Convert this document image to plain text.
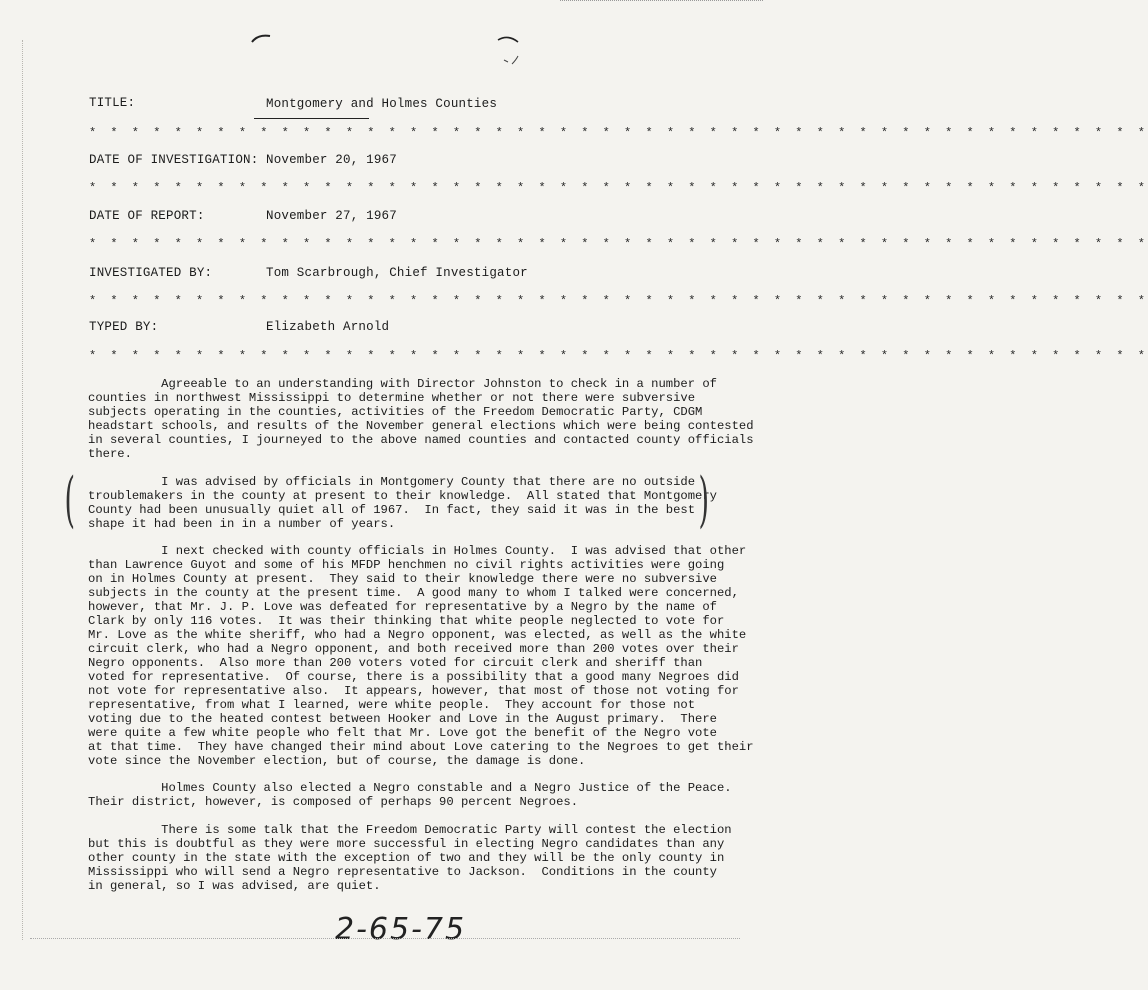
TITLE:	Montgomery and Holmes Counties
* * * * * * * * * * * * * * * * * * * * * * * * * * * * * * * * * * * * * * * * * * * * * * * * * *
DATE OF INVESTIGATION: November 20, 1967
* * * * * * * * * * * * * * * * * * * * * * * * * * * * * * * * * * * * * * * * * * * * * * * * * *
DATE OF REPORT:	November 27, 1967
* * * * * * * * * * * * * * * * * * * * * * * * * * * * * * * * * * * * * * * * * * * * * * * * * *
INVESTIGATED BY:	Tom Scarbrough, Chief Investigator
* * * * * * * * * * * * * * * * * * * * * * * * * * * * * * * * * * * * * * * * * * * * * * * * * *
TYPED BY:	Elizabeth Arnold
* * * * * * * * * * * * * * * * * * * * * * * * * * * * * * * * * * * * * * * * * * * * * * * * * *
Agreeable to an understanding with Director Johnston to check in a number of
counties in northwest Mississippi to determine whether or not there were subversive
subjects operating in the counties, activities of the Freedom Democratic Party, CDGM
headstart schools, and results of the November general elections which were being contested
in several counties, I journeyed to the above named counties and contacted county officials
there.
(	I was advised by officials in Montgomery County that there are no outside
troublemakers in the county at present to their knowledge.  All stated that Montgomery
County had been unusually quiet all of 1967.  In fact, they said it was in the best
shape it had been in in a number of years.	)
I next checked with county officials in Holmes County.  I was advised that other
than Lawrence Guyot and some of his MFDP henchmen no civil rights activities were going
on in Holmes County at present.  They said to their knowledge there were no subversive
subjects in the county at the present time.  A good many to whom I talked were concerned,
however, that Mr. J. P. Love was defeated for representative by a Negro by the name of
Clark by only 116 votes.  It was their thinking that white people neglected to vote for
Mr. Love as the white sheriff, who had a Negro opponent, was elected, as well as the white
circuit clerk, who had a Negro opponent, and both received more than 200 votes over their
Negro opponents.  Also more than 200 voters voted for circuit clerk and sheriff than
voted for representative.  Of course, there is a possibility that a good many Negroes did
not vote for representative also.  It appears, however, that most of those not voting for
representative, from what I learned, were white people.  They account for those not
voting due to the heated contest between Hooker and Love in the August primary.  There
were quite a few white people who felt that Mr. Love got the benefit of the Negro vote
at that time.  They have changed their mind about Love catering to the Negroes to get their
vote since the November election, but of course, the damage is done.
Holmes County also elected a Negro constable and a Negro Justice of the Peace.
Their district, however, is composed of perhaps 90 percent Negroes.
There is some talk that the Freedom Democratic Party will contest the election
but this is doubtful as they were more successful in electing Negro candidates than any
other county in the state with the exception of two and they will be the only county in
Mississippi who will send a Negro representative to Jackson.  Conditions in the county
in general, so I was advised, are quiet.
2-65-75
